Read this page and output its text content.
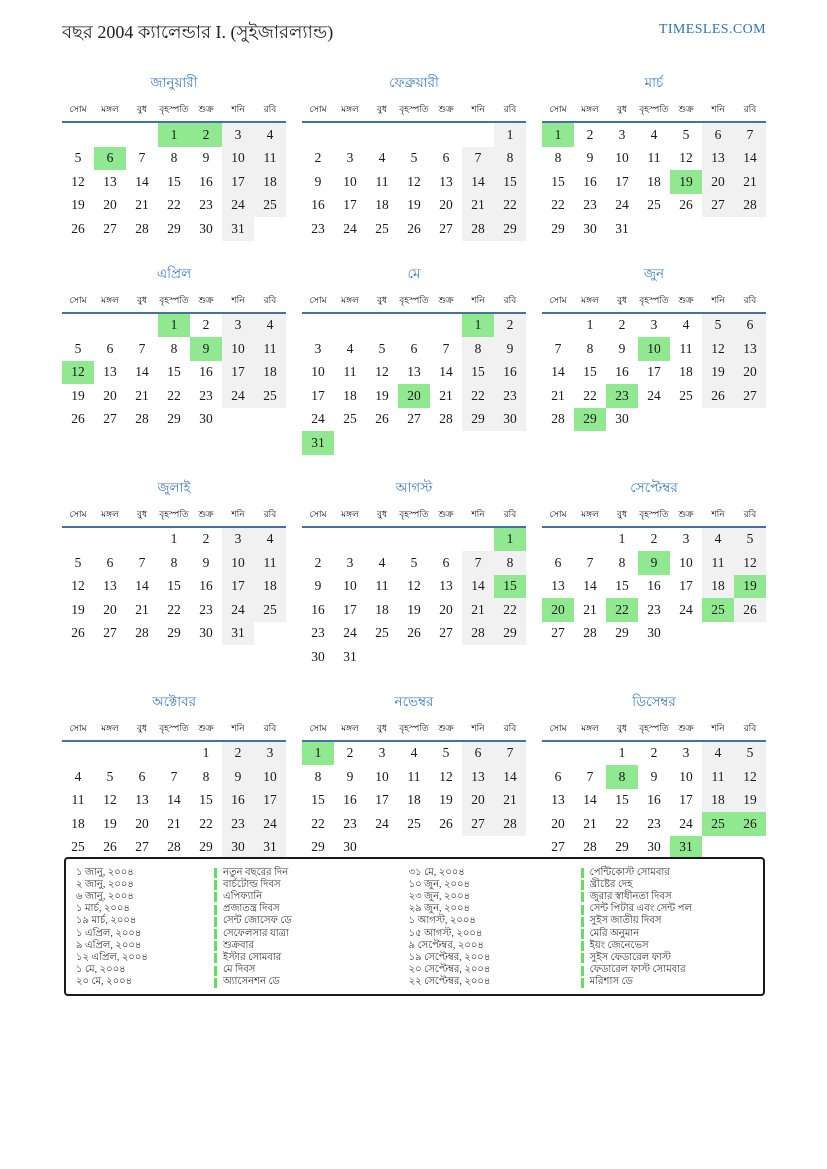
বছর 2004 ক্যালেন্ডার I. (সুইজারল্যান্ড)	TIMESLES.COM
জানুয়ারী
সোম	মঙ্গল	বুধ	বৃহস্পতি	শুক্র	শনি	রবি
			1	2	3	4
5	6	7	8	9	10	11
12	13	14	15	16	17	18
19	20	21	22	23	24	25
26	27	28	29	30	31	
ফেব্রুয়ারী
সোম	মঙ্গল	বুধ	বৃহস্পতি	শুক্র	শনি	রবি
						1
2	3	4	5	6	7	8
9	10	11	12	13	14	15
16	17	18	19	20	21	22
23	24	25	26	27	28	29
মার্চ
সোম	মঙ্গল	বুধ	বৃহস্পতি	শুক্র	শনি	রবি
1	2	3	4	5	6	7
8	9	10	11	12	13	14
15	16	17	18	19	20	21
22	23	24	25	26	27	28
29	30	31				
এপ্রিল
সোম	মঙ্গল	বুধ	বৃহস্পতি	শুক্র	শনি	রবি
			1	2	3	4
5	6	7	8	9	10	11
12	13	14	15	16	17	18
19	20	21	22	23	24	25
26	27	28	29	30		
মে
সোম	মঙ্গল	বুধ	বৃহস্পতি	শুক্র	শনি	রবি
					1	2
3	4	5	6	7	8	9
10	11	12	13	14	15	16
17	18	19	20	21	22	23
24	25	26	27	28	29	30
31						
জুন
সোম	মঙ্গল	বুধ	বৃহস্পতি	শুক্র	শনি	রবি
	1	2	3	4	5	6
7	8	9	10	11	12	13
14	15	16	17	18	19	20
21	22	23	24	25	26	27
28	29	30				
জুলাই
সোম	মঙ্গল	বুধ	বৃহস্পতি	শুক্র	শনি	রবি
			1	2	3	4
5	6	7	8	9	10	11
12	13	14	15	16	17	18
19	20	21	22	23	24	25
26	27	28	29	30	31	
আগস্ট
সোম	মঙ্গল	বুধ	বৃহস্পতি	শুক্র	শনি	রবি
						1
2	3	4	5	6	7	8
9	10	11	12	13	14	15
16	17	18	19	20	21	22
23	24	25	26	27	28	29
30	31					
সেপ্টেম্বর
সোম	মঙ্গল	বুধ	বৃহস্পতি	শুক্র	শনি	রবি
		1	2	3	4	5
6	7	8	9	10	11	12
13	14	15	16	17	18	19
20	21	22	23	24	25	26
27	28	29	30			
অক্টোবর
সোম	মঙ্গল	বুধ	বৃহস্পতি	শুক্র	শনি	রবি
				1	2	3
4	5	6	7	8	9	10
11	12	13	14	15	16	17
18	19	20	21	22	23	24
25	26	27	28	29	30	31
নভেম্বর
সোম	মঙ্গল	বুধ	বৃহস্পতি	শুক্র	শনি	রবি
1	2	3	4	5	6	7
8	9	10	11	12	13	14
15	16	17	18	19	20	21
22	23	24	25	26	27	28
29	30					
ডিসেম্বর
সোম	মঙ্গল	বুধ	বৃহস্পতি	শুক্র	শনি	রবি
		1	2	3	4	5
6	7	8	9	10	11	12
13	14	15	16	17	18	19
20	21	22	23	24	25	26
27	28	29	30	31		
১ জানু, ২০০৪	নতুন বছরের দিন
২ জানু, ২০০৪	বার্চটোল্ড দিবস
৬ জানু, ২০০৪	এপিফ্যানি
১ মার্চ, ২০০৪	প্রজাতন্ত্র দিবস
১৯ মার্চ, ২০০৪	সেন্ট জোসেফ ডে
১ এপ্রিল, ২০০৪	সেফেলসার যাত্রা
৯ এপ্রিল, ২০০৪	শুক্রবার
১২ এপ্রিল, ২০০৪	ইস্টার সোমবার
১ মে, ২০০৪	মে দিবস
২০ মে, ২০০৪	অ্যাসেনশন ডে
৩১ মে, ২০০৪	পেন্টিকোস্ট সোমবার
১০ জুন, ২০০৪	খ্রীষ্টের দেহ
২৩ জুন, ২০০৪	জুরার স্বাধীনতা দিবস
২৯ জুন, ২০০৪	সেন্ট পিটার এবং সেন্ট পল
১ আগস্ট, ২০০৪	সুইস জাতীয় দিবস
১৫ আগস্ট, ২০০৪	মেরি অনুমান
৯ সেপ্টেম্বর, ২০০৪	ইয়ং জেনেভেস
১৯ সেপ্টেম্বর, ২০০৪	সুইস ফেডারেল ফাস্ট
২০ সেপ্টেম্বর, ২০০৪	ফেডারেল ফাস্ট সোমবার
২২ সেপ্টেম্বর, ২০০৪	মরিশাস ডে
